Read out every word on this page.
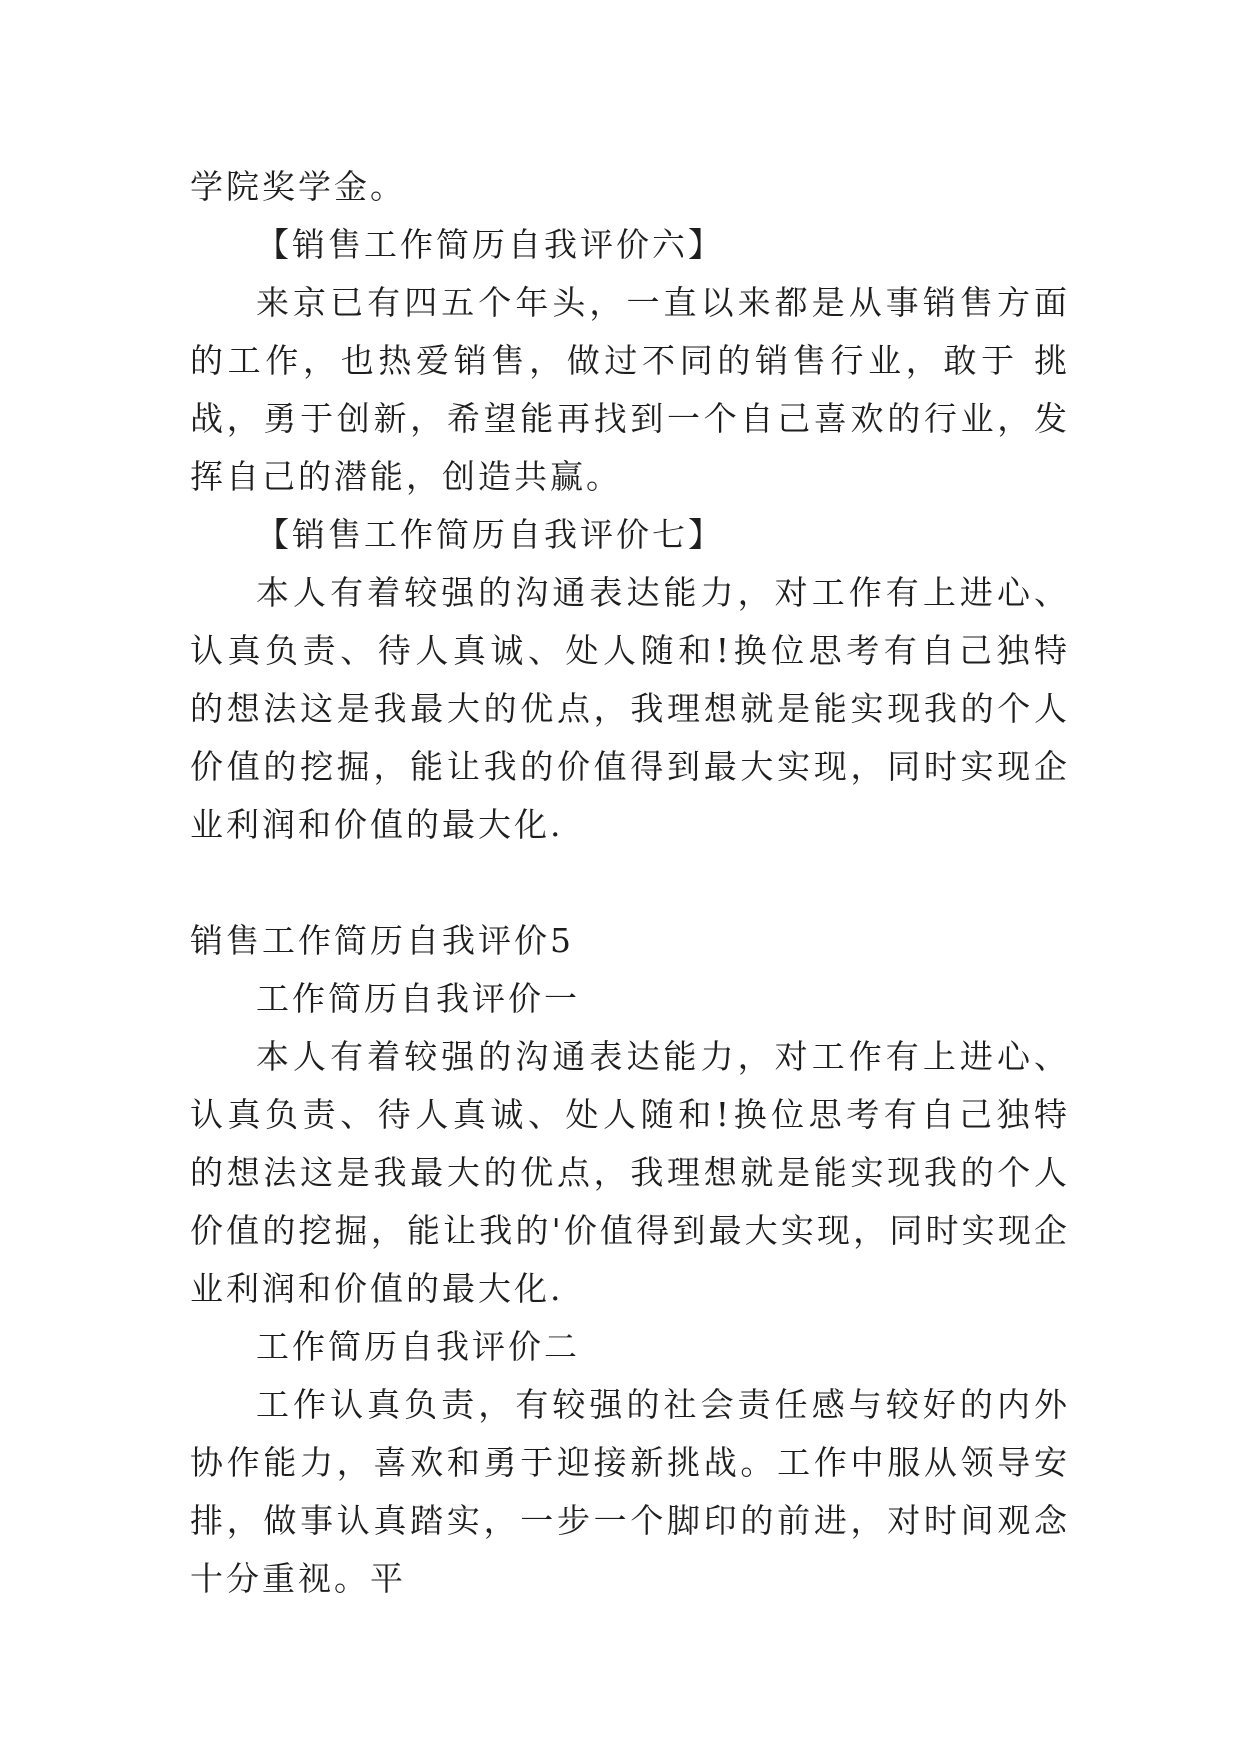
学院奖学金。

【销售工作简历自我评价六】

来京已有四五个年头，一直以来都是从事销售方面的工作，也热爱销售，做过不同的销售行业，敢于 挑战，勇于创新，希望能再找到一个自己喜欢的行业，发挥自己的潜能，创造共赢。

【销售工作简历自我评价七】

本人有着较强的沟通表达能力，对工作有上进心、认真负责、待人真诚、处人随和!换位思考有自己独特的想法这是我最大的优点，我理想就是能实现我的个人价值的挖掘，能让我的价值得到最大实现，同时实现企业利润和价值的最大化.

销售工作简历自我评价5

工作简历自我评价一

本人有着较强的沟通表达能力，对工作有上进心、认真负责、待人真诚、处人随和!换位思考有自己独特的想法这是我最大的优点，我理想就是能实现我的个人价值的挖掘，能让我的'价值得到最大实现，同时实现企业利润和价值的最大化.

工作简历自我评价二

工作认真负责，有较强的社会责任感与较好的内外协作能力，喜欢和勇于迎接新挑战。工作中服从领导安排，做事认真踏实，一步一个脚印的前进，对时间观念十分重视。平
